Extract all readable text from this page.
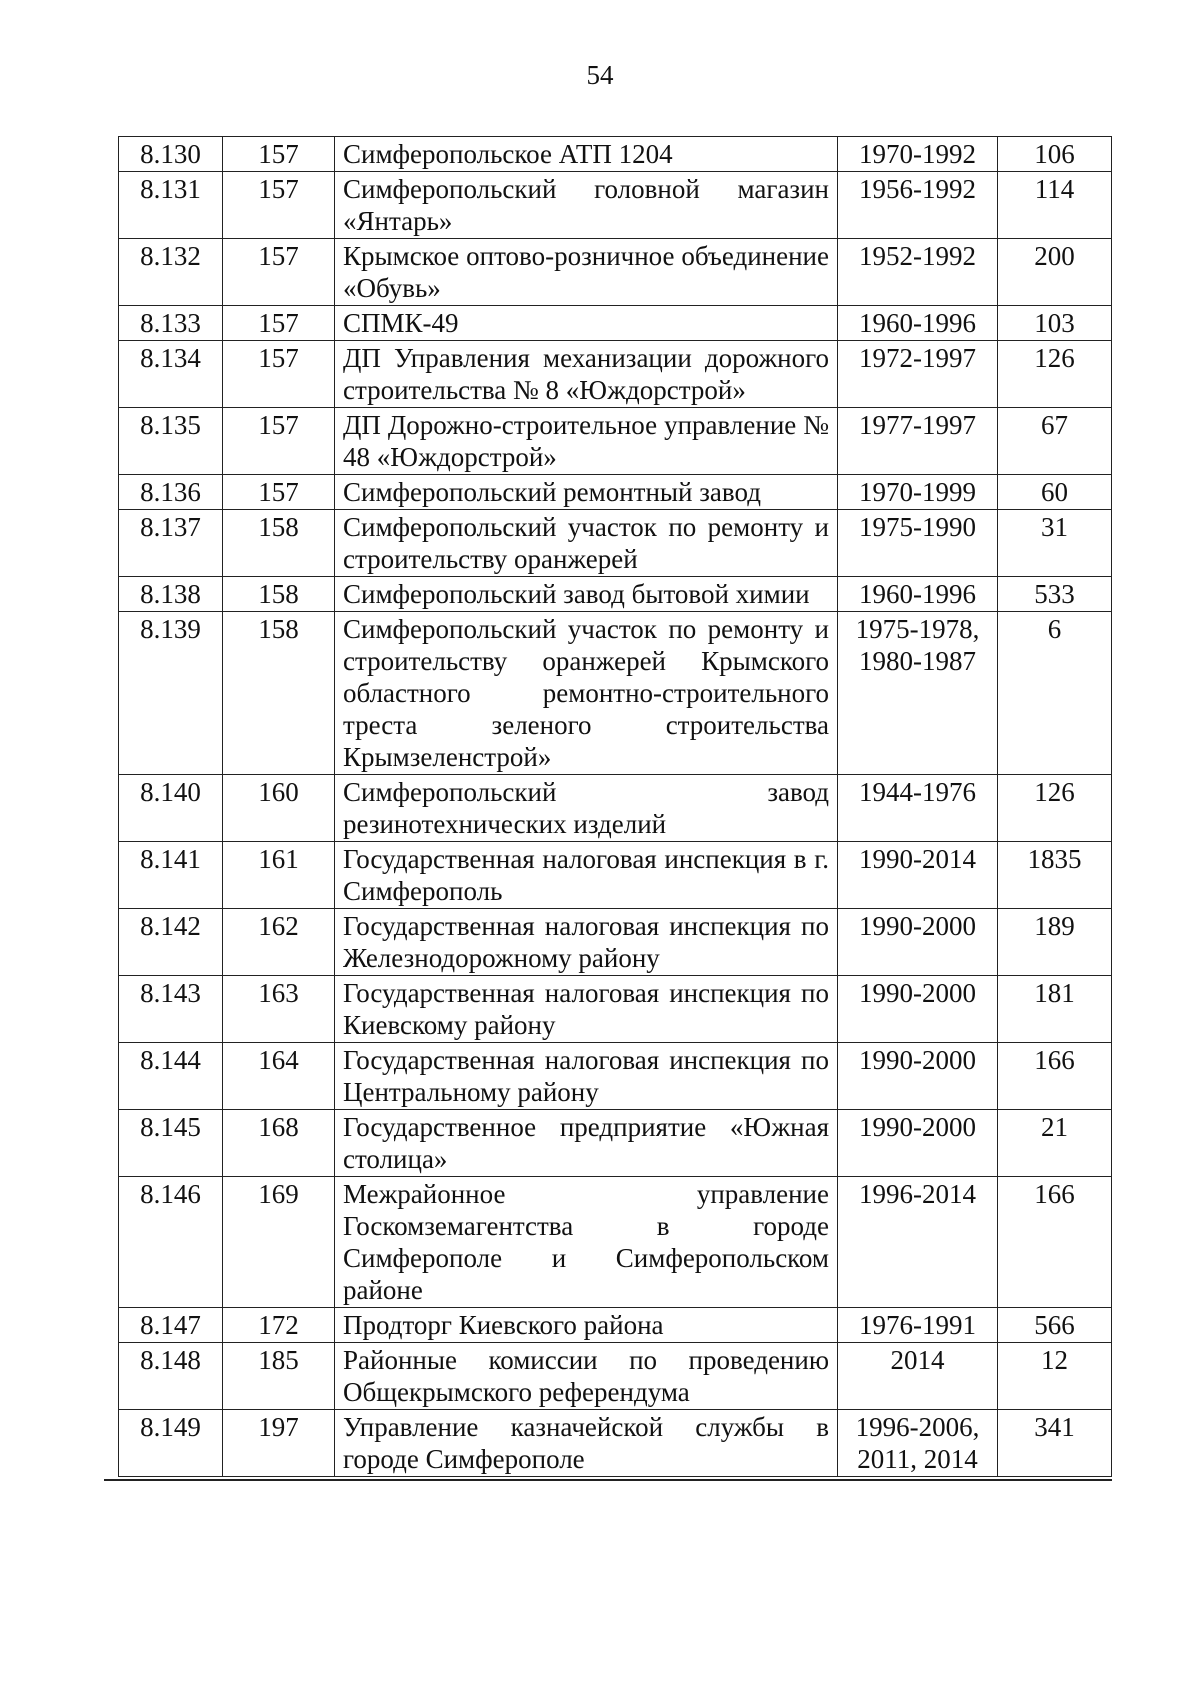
54
8.130	157	Симферопольское АТП 1204	1970-1992	106
8.131	157	Симферопольский головной магазин «Янтарь»	1956-1992	114
8.132	157	Крымское оптово-розничное объединение «Обувь»	1952-1992	200
8.133	157	СПМК-49	1960-1996	103
8.134	157	ДП Управления механизации дорожного строительства № 8 «Юждорстрой»	1972-1997	126
8.135	157	ДП Дорожно-строительное управление № 48 «Юждорстрой»	1977-1997	67
8.136	157	Симферопольский ремонтный завод	1970-1999	60
8.137	158	Симферопольский участок по ремонту и строительству оранжерей	1975-1990	31
8.138	158	Симферопольский завод бытовой химии	1960-1996	533
8.139	158	Симферопольский участок по ремонту и строительству оранжерей Крымского областного ремонтно-строительного треста зеленого строительства Крымзеленстрой»	1975-1978, 1980-1987	6
8.140	160	Симферопольский завод резинотехнических изделий	1944-1976	126
8.141	161	Государственная налоговая инспекция в г. Симферополь	1990-2014	1835
8.142	162	Государственная налоговая инспекция по Железнодорожному району	1990-2000	189
8.143	163	Государственная налоговая инспекция по Киевскому району	1990-2000	181
8.144	164	Государственная налоговая инспекция по Центральному району	1990-2000	166
8.145	168	Государственное предприятие «Южная столица»	1990-2000	21
8.146	169	Межрайонное управление Госкомземагентства в городе Симферополе и Симферопольском районе	1996-2014	166
8.147	172	Продторг Киевского района	1976-1991	566
8.148	185	Районные комиссии по проведению Общекрымского референдума	2014	12
8.149	197	Управление казначейской службы в городе Симферополе	1996-2006, 2011, 2014	341
